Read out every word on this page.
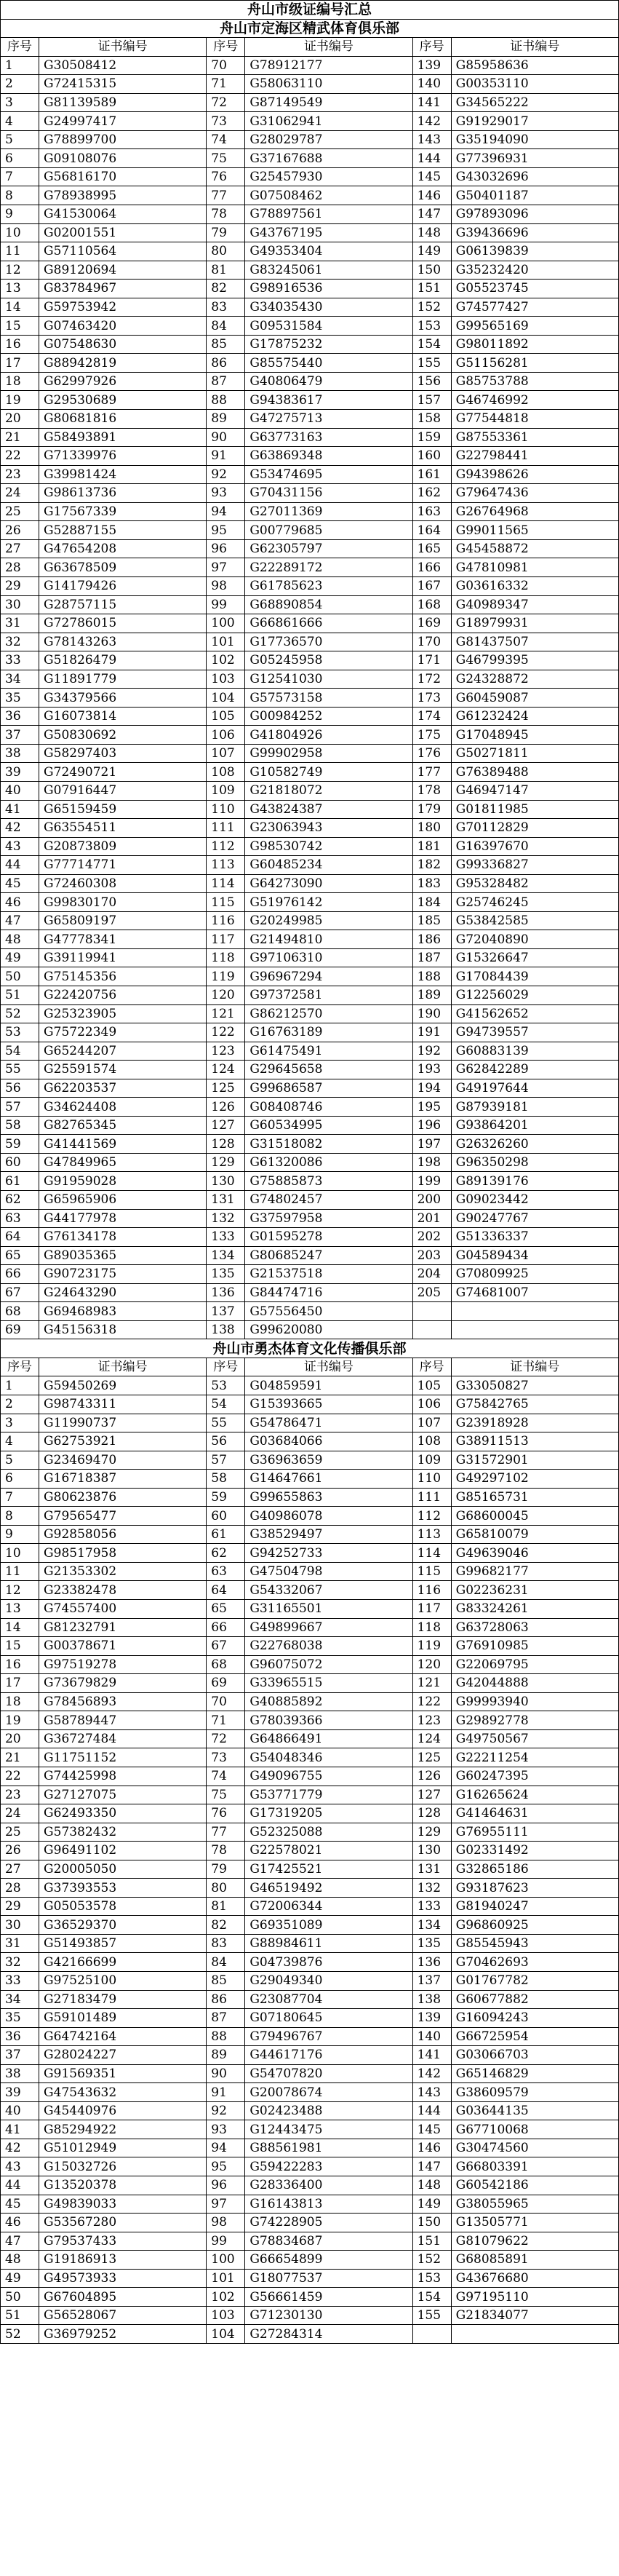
舟山市级证编号汇总					
舟山市定海区精武体育俱乐部					
序号	证书编号	序号	证书编号	序号	证书编号
1	G30508412	70	G78912177	139	G85958636
2	G72415315	71	G58063110	140	G00353110
3	G81139589	72	G87149549	141	G34565222
4	G24997417	73	G31062941	142	G91929017
5	G78899700	74	G28029787	143	G35194090
6	G09108076	75	G37167688	144	G77396931
7	G56816170	76	G25457930	145	G43032696
8	G78938995	77	G07508462	146	G50401187
9	G41530064	78	G78897561	147	G97893096
10	G02001551	79	G43767195	148	G39436696
11	G57110564	80	G49353404	149	G06139839
12	G89120694	81	G83245061	150	G35232420
13	G83784967	82	G98916536	151	G05523745
14	G59753942	83	G34035430	152	G74577427
15	G07463420	84	G09531584	153	G99565169
16	G07548630	85	G17875232	154	G98011892
17	G88942819	86	G85575440	155	G51156281
18	G62997926	87	G40806479	156	G85753788
19	G29530689	88	G94383617	157	G46746992
20	G80681816	89	G47275713	158	G77544818
21	G58493891	90	G63773163	159	G87553361
22	G71339976	91	G63869348	160	G22798441
23	G39981424	92	G53474695	161	G94398626
24	G98613736	93	G70431156	162	G79647436
25	G17567339	94	G27011369	163	G26764968
26	G52887155	95	G00779685	164	G99011565
27	G47654208	96	G62305797	165	G45458872
28	G63678509	97	G22289172	166	G47810981
29	G14179426	98	G61785623	167	G03616332
30	G28757115	99	G68890854	168	G40989347
31	G72786015	100	G66861666	169	G18979931
32	G78143263	101	G17736570	170	G81437507
33	G51826479	102	G05245958	171	G46799395
34	G11891779	103	G12541030	172	G24328872
35	G34379566	104	G57573158	173	G60459087
36	G16073814	105	G00984252	174	G61232424
37	G50830692	106	G41804926	175	G17048945
38	G58297403	107	G99902958	176	G50271811
39	G72490721	108	G10582749	177	G76389488
40	G07916447	109	G21818072	178	G46947147
41	G65159459	110	G43824387	179	G01811985
42	G63554511	111	G23063943	180	G70112829
43	G20873809	112	G98530742	181	G16397670
44	G77714771	113	G60485234	182	G99336827
45	G72460308	114	G64273090	183	G95328482
46	G99830170	115	G51976142	184	G25746245
47	G65809197	116	G20249985	185	G53842585
48	G47778341	117	G21494810	186	G72040890
49	G39119941	118	G97106310	187	G15326647
50	G75145356	119	G96967294	188	G17084439
51	G22420756	120	G97372581	189	G12256029
52	G25323905	121	G86212570	190	G41562652
53	G75722349	122	G16763189	191	G94739557
54	G65244207	123	G61475491	192	G60883139
55	G25591574	124	G29645658	193	G62842289
56	G62203537	125	G99686587	194	G49197644
57	G34624408	126	G08408746	195	G87939181
58	G82765345	127	G60534995	196	G93864201
59	G41441569	128	G31518082	197	G26326260
60	G47849965	129	G61320086	198	G96350298
61	G91959028	130	G75885873	199	G89139176
62	G65965906	131	G74802457	200	G09023442
63	G44177978	132	G37597958	201	G90247767
64	G76134178	133	G01595278	202	G51336337
65	G89035365	134	G80685247	203	G04589434
66	G90723175	135	G21537518	204	G70809925
67	G24643290	136	G84474716	205	G74681007
68	G69468983	137	G57556450		
69	G45156318	138	G99620080		
舟山市勇杰体育文化传播俱乐部					
序号	证书编号	序号	证书编号	序号	证书编号
1	G59450269	53	G04859591	105	G33050827
2	G98743311	54	G15393665	106	G75842765
3	G11990737	55	G54786471	107	G23918928
4	G62753921	56	G03684066	108	G38911513
5	G23469470	57	G36963659	109	G31572901
6	G16718387	58	G14647661	110	G49297102
7	G80623876	59	G99655863	111	G85165731
8	G79565477	60	G40986078	112	G68600045
9	G92858056	61	G38529497	113	G65810079
10	G98517958	62	G94252733	114	G49639046
11	G21353302	63	G47504798	115	G99682177
12	G23382478	64	G54332067	116	G02236231
13	G74557400	65	G31165501	117	G83324261
14	G81232791	66	G49899667	118	G63728063
15	G00378671	67	G22768038	119	G76910985
16	G97519278	68	G96075072	120	G22069795
17	G73679829	69	G33965515	121	G42044888
18	G78456893	70	G40885892	122	G99993940
19	G58789447	71	G78039366	123	G29892778
20	G36727484	72	G64866491	124	G49750567
21	G11751152	73	G54048346	125	G22211254
22	G74425998	74	G49096755	126	G60247395
23	G27127075	75	G53771779	127	G16265624
24	G62493350	76	G17319205	128	G41464631
25	G57382432	77	G52325088	129	G76955111
26	G96491102	78	G22578021	130	G02331492
27	G20005050	79	G17425521	131	G32865186
28	G37393553	80	G46519492	132	G93187623
29	G05053578	81	G72006344	133	G81940247
30	G36529370	82	G69351089	134	G96860925
31	G51493857	83	G88984611	135	G85545943
32	G42166699	84	G04739876	136	G70462693
33	G97525100	85	G29049340	137	G01767782
34	G27183479	86	G23087704	138	G60677882
35	G59101489	87	G07180645	139	G16094243
36	G64742164	88	G79496767	140	G66725954
37	G28024227	89	G44617176	141	G03066703
38	G91569351	90	G54707820	142	G65146829
39	G47543632	91	G20078674	143	G38609579
40	G45440976	92	G02423488	144	G03644135
41	G85294922	93	G12443475	145	G67710068
42	G51012949	94	G88561981	146	G30474560
43	G15032726	95	G59422283	147	G66803391
44	G13520378	96	G28336400	148	G60542186
45	G49839033	97	G16143813	149	G38055965
46	G53567280	98	G74228905	150	G13505771
47	G79537433	99	G78834687	151	G81079622
48	G19186913	100	G66654899	152	G68085891
49	G49573933	101	G18077537	153	G43676680
50	G67604895	102	G56661459	154	G97195110
51	G56528067	103	G71230130	155	G21834077
52	G36979252	104	G27284314		
